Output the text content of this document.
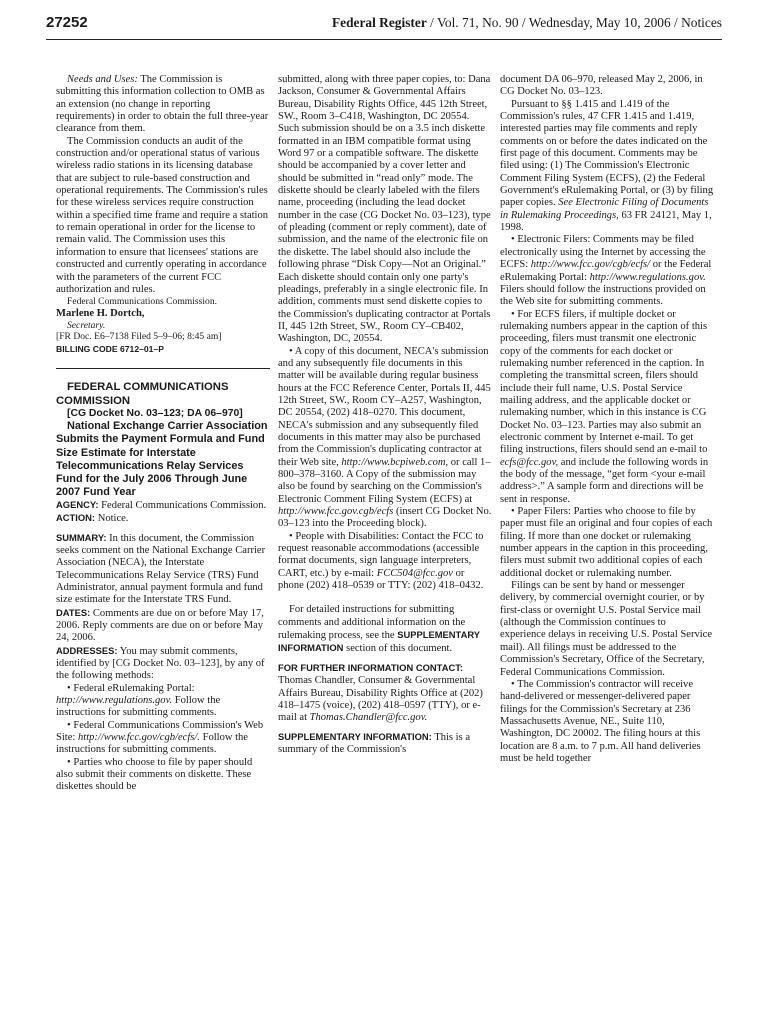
27252	Federal Register / Vol. 71, No. 90 / Wednesday, May 10, 2006 / Notices

Needs and Uses: The Commission is submitting this information collection to OMB as an extension (no change in reporting requirements) in order to obtain the full three-year clearance from them.

The Commission conducts an audit of the construction and/or operational status of various wireless radio stations in its licensing database that are subject to rule-based construction and operational requirements. The Commission's rules for these wireless services require construction within a specified time frame and require a station to remain operational in order for the license to remain valid. The Commission uses this information to ensure that licensees' stations are constructed and currently operating in accordance with the parameters of the current FCC authorization and rules.

Federal Communications Commission.

Marlene H. Dortch,

Secretary.

[FR Doc. E6–7138 Filed 5–9–06; 8:45 am]

BILLING CODE 6712–01–P

FEDERAL COMMUNICATIONS COMMISSION

[CG Docket No. 03–123; DA 06–970]

National Exchange Carrier Association Submits the Payment Formula and Fund Size Estimate for Interstate Telecommunications Relay Services Fund for the July 2006 Through June 2007 Fund Year

AGENCY: Federal Communications Commission.

ACTION: Notice.

SUMMARY: In this document, the Commission seeks comment on the National Exchange Carrier Association (NECA), the Interstate Telecommunications Relay Service (TRS) Fund Administrator, annual payment formula and fund size estimate for the Interstate TRS Fund.

DATES: Comments are due on or before May 17, 2006. Reply comments are due on or before May 24, 2006.

ADDRESSES: You may submit comments, identified by [CG Docket No. 03–123], by any of the following methods:

• Federal eRulemaking Portal: http://www.regulations.gov. Follow the instructions for submitting comments.

• Federal Communications Commission's Web Site: http://www.fcc.gov/cgb/ecfs/. Follow the instructions for submitting comments.

• Parties who choose to file by paper should also submit their comments on diskette. These diskettes should be

submitted, along with three paper copies, to: Dana Jackson, Consumer & Governmental Affairs Bureau, Disability Rights Office, 445 12th Street, SW., Room 3–C418, Washington, DC 20554. Such submission should be on a 3.5 inch diskette formatted in an IBM compatible format using Word 97 or a compatible software. The diskette should be accompanied by a cover letter and should be submitted in “read only” mode. The diskette should be clearly labeled with the filers name, proceeding (including the lead docket number in the case (CG Docket No. 03–123), type of pleading (comment or reply comment), date of submission, and the name of the electronic file on the diskette. The label should also include the following phrase “Disk Copy—Not an Original.” Each diskette should contain only one party's pleadings, preferably in a single electronic file. In addition, comments must send diskette copies to the Commission's duplicating contractor at Portals II, 445 12th Street, SW., Room CY–CB402, Washington, DC, 20554.

• A copy of this document, NECA's submission and any subsequently file documents in this matter will be available during regular business hours at the FCC Reference Center, Portals II, 445 12th Street, SW., Room CY–A257, Washington, DC 20554, (202) 418–0270. This document, NECA's submission and any subsequently filed documents in this matter may also be purchased from the Commission's duplicating contractor at their Web site, http://www.bcpiweb.com, or call 1–800–378–3160. A Copy of the submission may also be found by searching on the Commission's Electronic Comment Filing System (ECFS) at http://www.fcc.gov.cgb/ecfs (insert CG Docket No. 03–123 into the Proceeding block).

• People with Disabilities: Contact the FCC to request reasonable accommodations (accessible format documents, sign language interpreters, CART, etc.) by e-mail: FCC504@fcc.gov or phone (202) 418–0539 or TTY: (202) 418–0432.

For detailed instructions for submitting comments and additional information on the rulemaking process, see the SUPPLEMENTARY INFORMATION section of this document.

FOR FURTHER INFORMATION CONTACT: Thomas Chandler, Consumer & Governmental Affairs Bureau, Disability Rights Office at (202) 418–1475 (voice), (202) 418–0597 (TTY), or e-mail at Thomas.Chandler@fcc.gov.

SUPPLEMENTARY INFORMATION: This is a summary of the Commission's

document DA 06–970, released May 2, 2006, in CG Docket No. 03–123.

Pursuant to §§ 1.415 and 1.419 of the Commission's rules, 47 CFR 1.415 and 1.419, interested parties may file comments and reply comments on or before the dates indicated on the first page of this document. Comments may be filed using: (1) The Commission's Electronic Comment Filing System (ECFS), (2) the Federal Government's eRulemaking Portal, or (3) by filing paper copies. See Electronic Filing of Documents in Rulemaking Proceedings, 63 FR 24121, May 1, 1998.

• Electronic Filers: Comments may be filed electronically using the Internet by accessing the ECFS: http://www.fcc.gov/cgb/ecfs/ or the Federal eRulemaking Portal: http://www.regulations.gov. Filers should follow the instructions provided on the Web site for submitting comments.

• For ECFS filers, if multiple docket or rulemaking numbers appear in the caption of this proceeding, filers must transmit one electronic copy of the comments for each docket or rulemaking number referenced in the caption. In completing the transmittal screen, filers should include their full name, U.S. Postal Service mailing address, and the applicable docket or rulemaking number, which in this instance is CG Docket No. 03–123. Parties may also submit an electronic comment by Internet e-mail. To get filing instructions, filers should send an e-mail to ecfs@fcc.gov, and include the following words in the body of the message, “get form <your e-mail address>.” A sample form and directions will be sent in response.

• Paper Filers: Parties who choose to file by paper must file an original and four copies of each filing. If more than one docket or rulemaking number appears in the caption in this proceeding, filers must submit two additional copies of each additional docket or rulemaking number.

Filings can be sent by hand or messenger delivery, by commercial overnight courier, or by first-class or overnight U.S. Postal Service mail (although the Commission continues to experience delays in receiving U.S. Postal Service mail). All filings must be addressed to the Commission's Secretary, Office of the Secretary, Federal Communications Commission.

• The Commission's contractor will receive hand-delivered or messenger-delivered paper filings for the Commission's Secretary at 236 Massachusetts Avenue, NE., Suite 110, Washington, DC 20002. The filing hours at this location are 8 a.m. to 7 p.m. All hand deliveries must be held together
